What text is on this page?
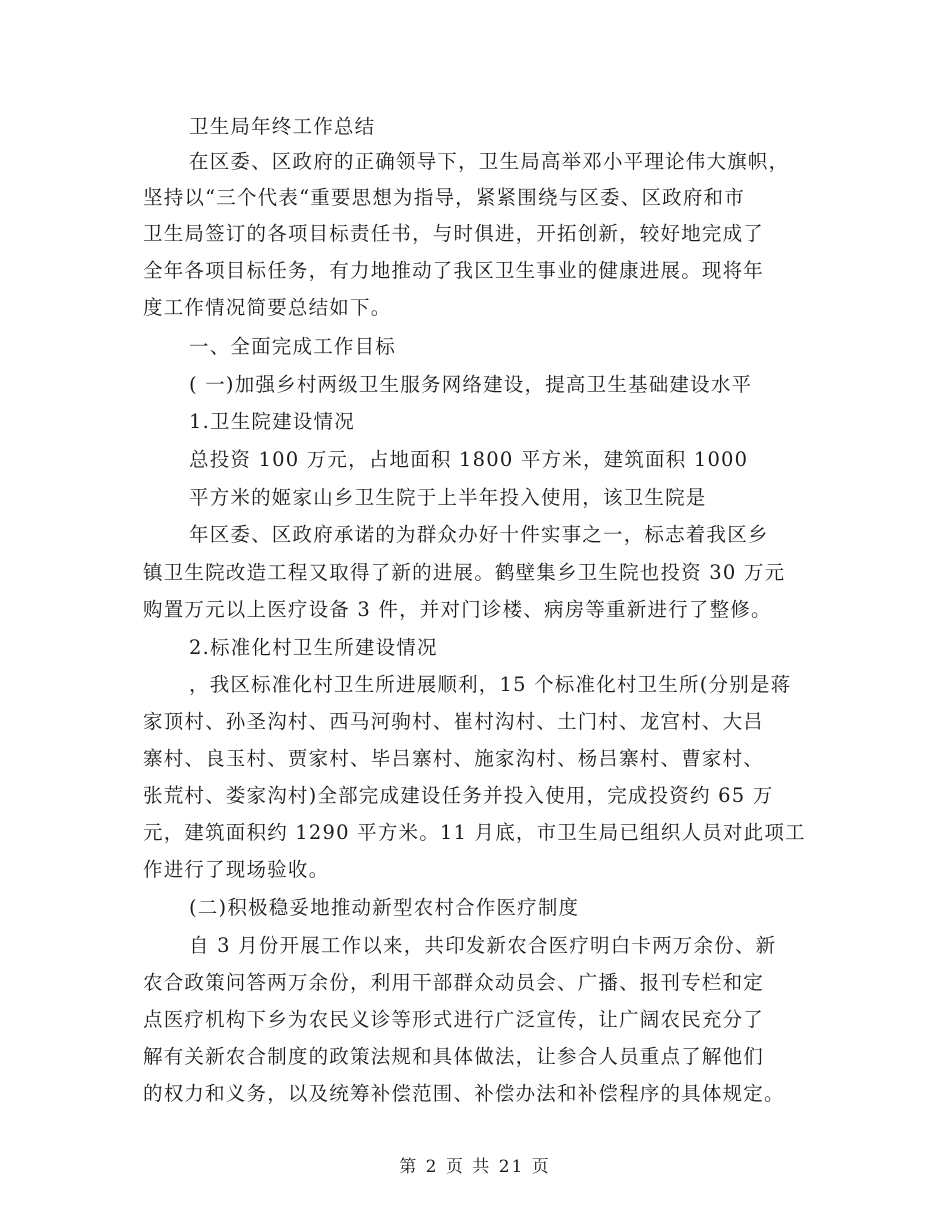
卫生局年终工作总结
在区委、区政府的正确领导下，卫生局高举邓小平理论伟大旗帜，
坚持以“三个代表“重要思想为指导，紧紧围绕与区委、区政府和市
卫生局签订的各项目标责任书，与时俱进，开拓创新，较好地完成了
全年各项目标任务，有力地推动了我区卫生事业的健康进展。现将年
度工作情况简要总结如下。
一、全面完成工作目标
( 一)加强乡村两级卫生服务网络建设，提高卫生基础建设水平
1.卫生院建设情况
总投资 100 万元，占地面积 1800 平方米，建筑面积 1000
平方米的姬家山乡卫生院于上半年投入使用，该卫生院是
年区委、区政府承诺的为群众办好十件实事之一，标志着我区乡
镇卫生院改造工程又取得了新的进展。鹤壁集乡卫生院也投资 30 万元
购置万元以上医疗设备 3 件，并对门诊楼、病房等重新进行了整修。
2.标准化村卫生所建设情况
，我区标准化村卫生所进展顺利，15 个标准化村卫生所(分别是蒋
家顶村、孙圣沟村、西马河驹村、崔村沟村、土门村、龙宫村、大吕
寨村、良玉村、贾家村、毕吕寨村、施家沟村、杨吕寨村、曹家村、
张荒村、娄家沟村)全部完成建设任务并投入使用，完成投资约 65 万
元，建筑面积约 1290 平方米。11 月底，市卫生局已组织人员对此项工
作进行了现场验收。
(二)积极稳妥地推动新型农村合作医疗制度
自 3 月份开展工作以来，共印发新农合医疗明白卡两万余份、新
农合政策问答两万余份，利用干部群众动员会、广播、报刊专栏和定
点医疗机构下乡为农民义诊等形式进行广泛宣传，让广阔农民充分了
解有关新农合制度的政策法规和具体做法，让参合人员重点了解他们
的权力和义务，以及统筹补偿范围、补偿办法和补偿程序的具体规定。
第 2 页 共 21 页
